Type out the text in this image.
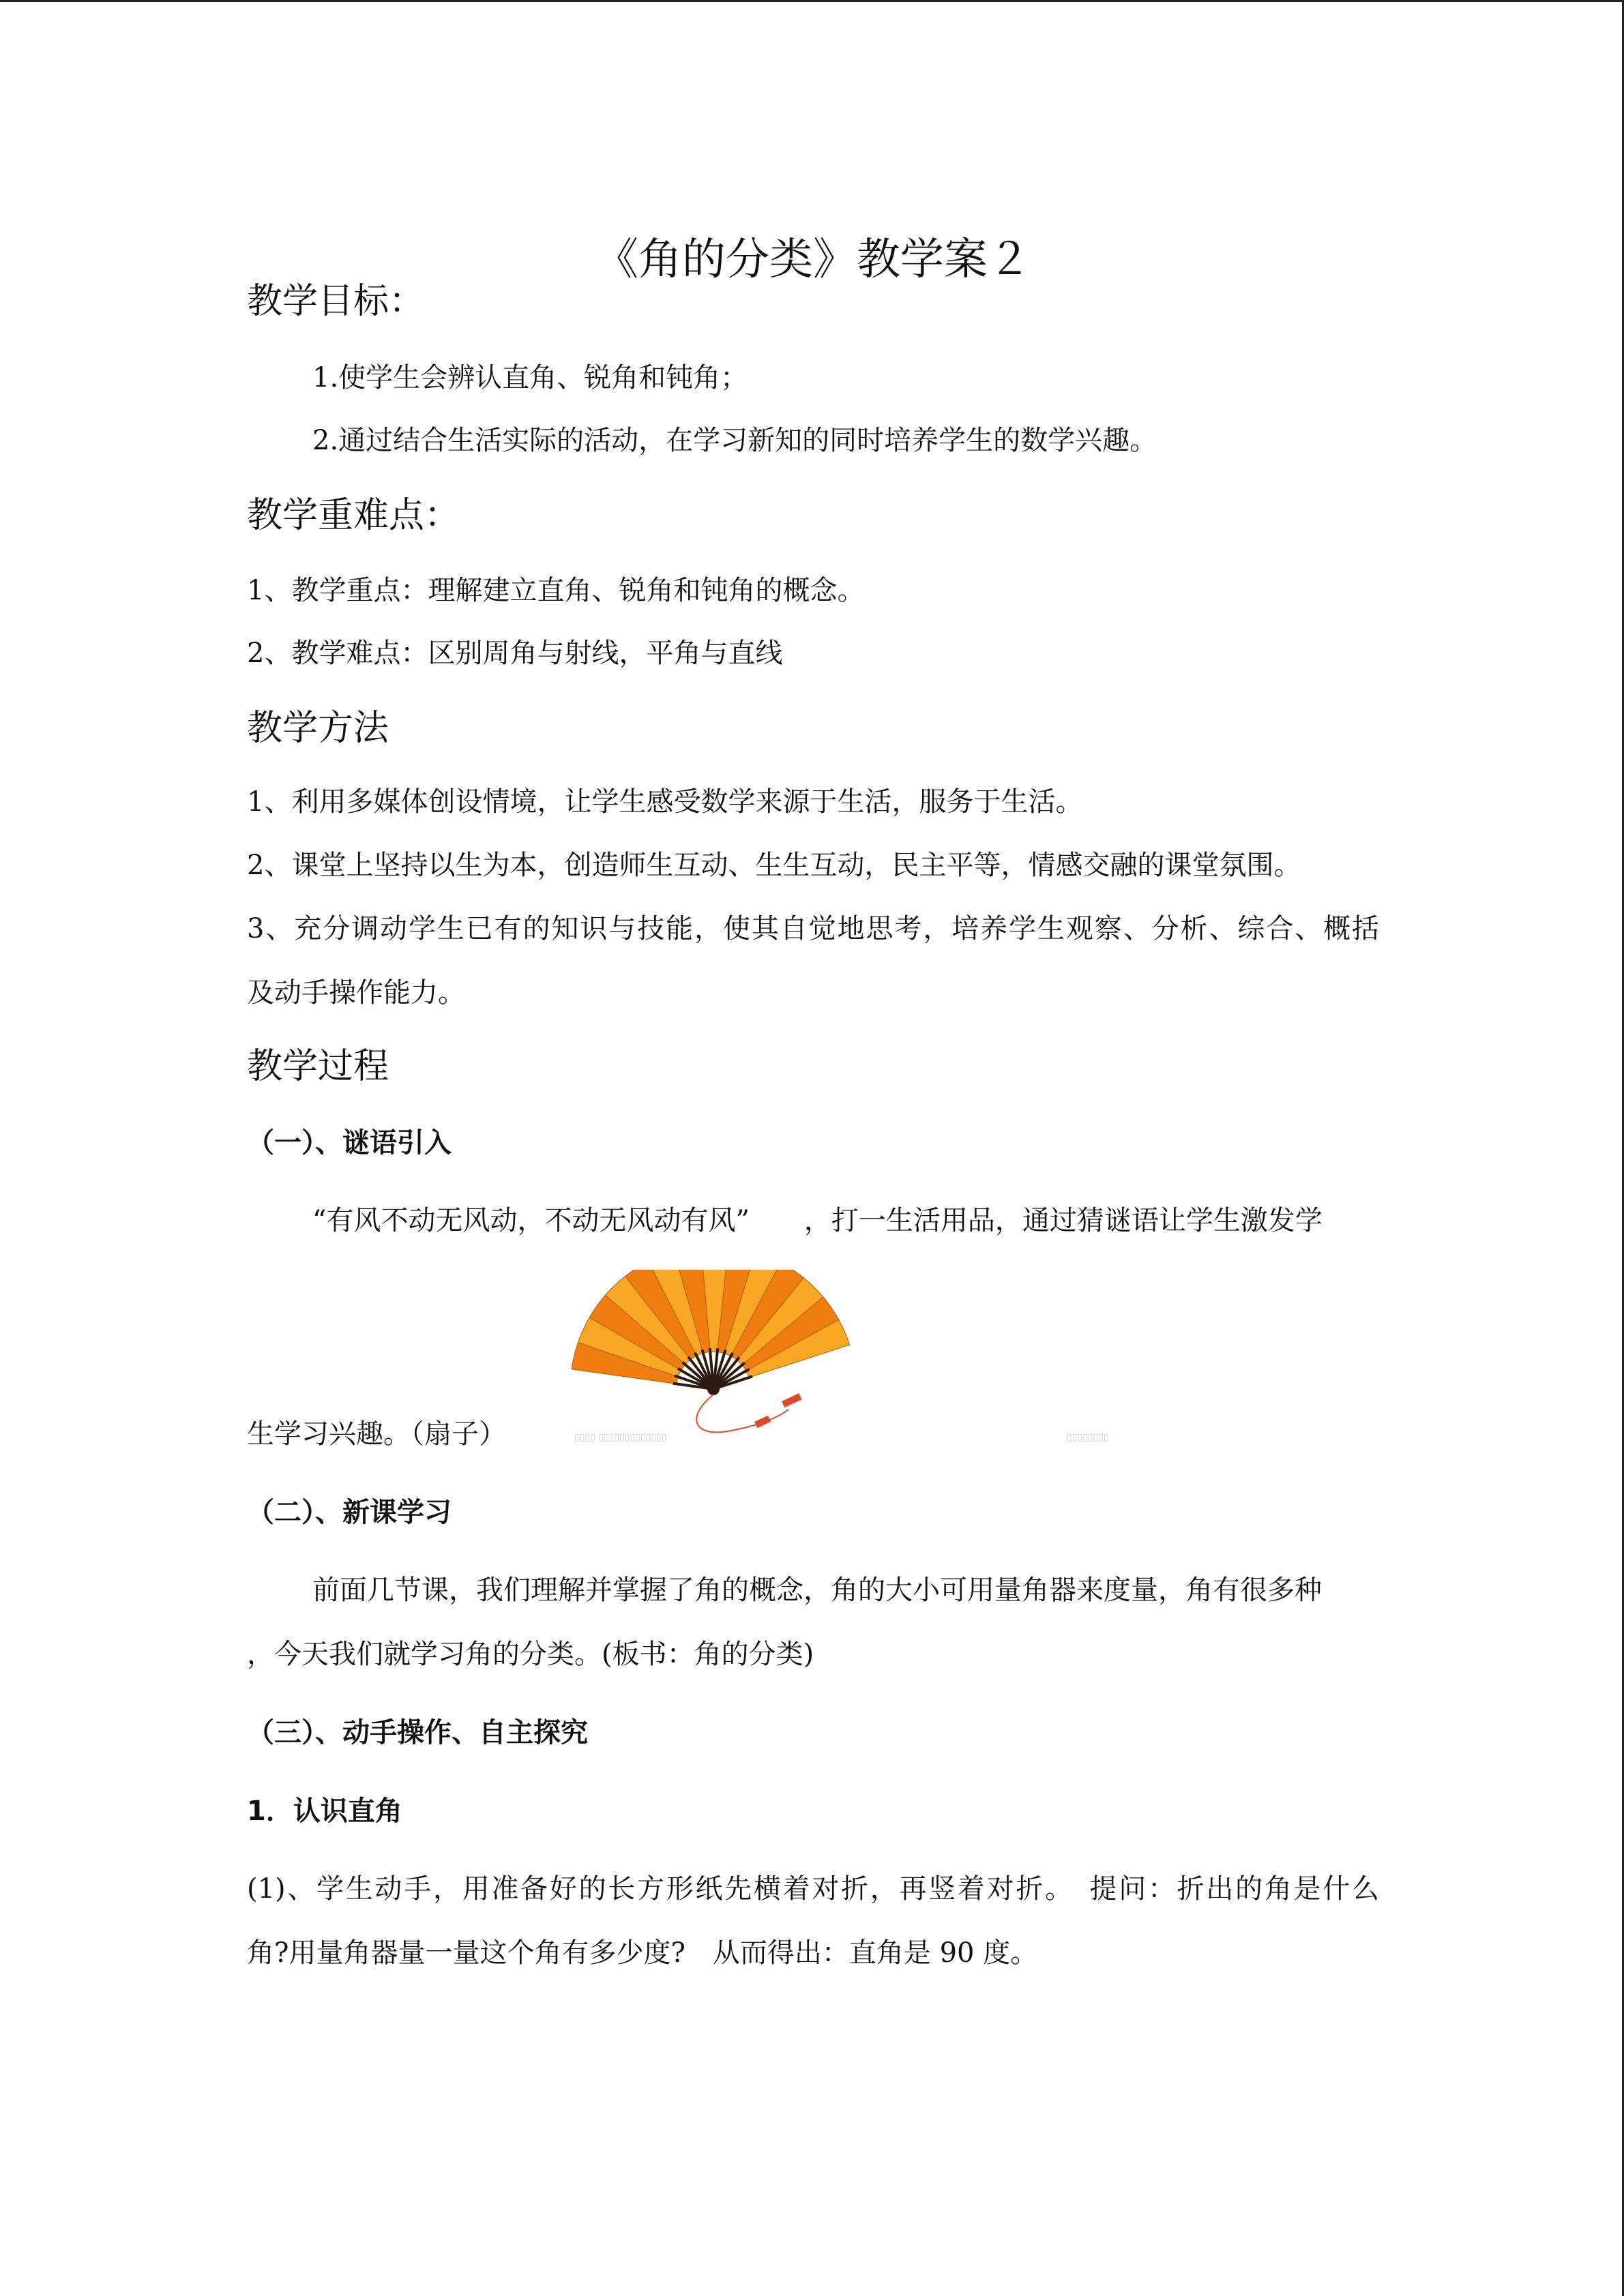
《角的分类》教学案２
教学目标：

1.使学生会辨认直角、锐角和钝角；

2.通过结合生活实际的活动，在学习新知的同时培养学生的数学兴趣。

教学重难点：

1、教学重点：理解建立直角、锐角和钝角的概念。

2、教学难点：区别周角与射线，平角与直线

教学方法

1、利用多媒体创设情境，让学生感受数学来源于生活，服务于生活。

2、课堂上坚持以生为本，创造师生互动、生生互动，民主平等，情感交融的课堂氛围。

3、充分调动学生已有的知识与技能，使其自觉地思考，培养学生观察、分析、综合、概括

及动手操作能力。

教学过程
（一）、谜语引入

“有风不动无风动，不动无风动有风”　　，打一生活用品，通过猜谜语让学生激发学

▯▯▯▯ ▯▯▯▯▯▯▯▯▯▯▯▯▯	▯▯▯▯▯▯▯▯

生学习兴趣。（扇子）

（二）、新课学习

前面几节课，我们理解并掌握了角的概念，角的大小可用量角器来度量，角有很多种

，今天我们就学习角的分类。(板书：角的分类)

（三）、动手操作、自主探究
1．认识直角

(1)、学生动手，用准备好的长方形纸先横着对折，再竖着对折。　提问：折出的角是什么

角?用量角器量一量这个角有多少度?　从而得出：直角是 90 度。
